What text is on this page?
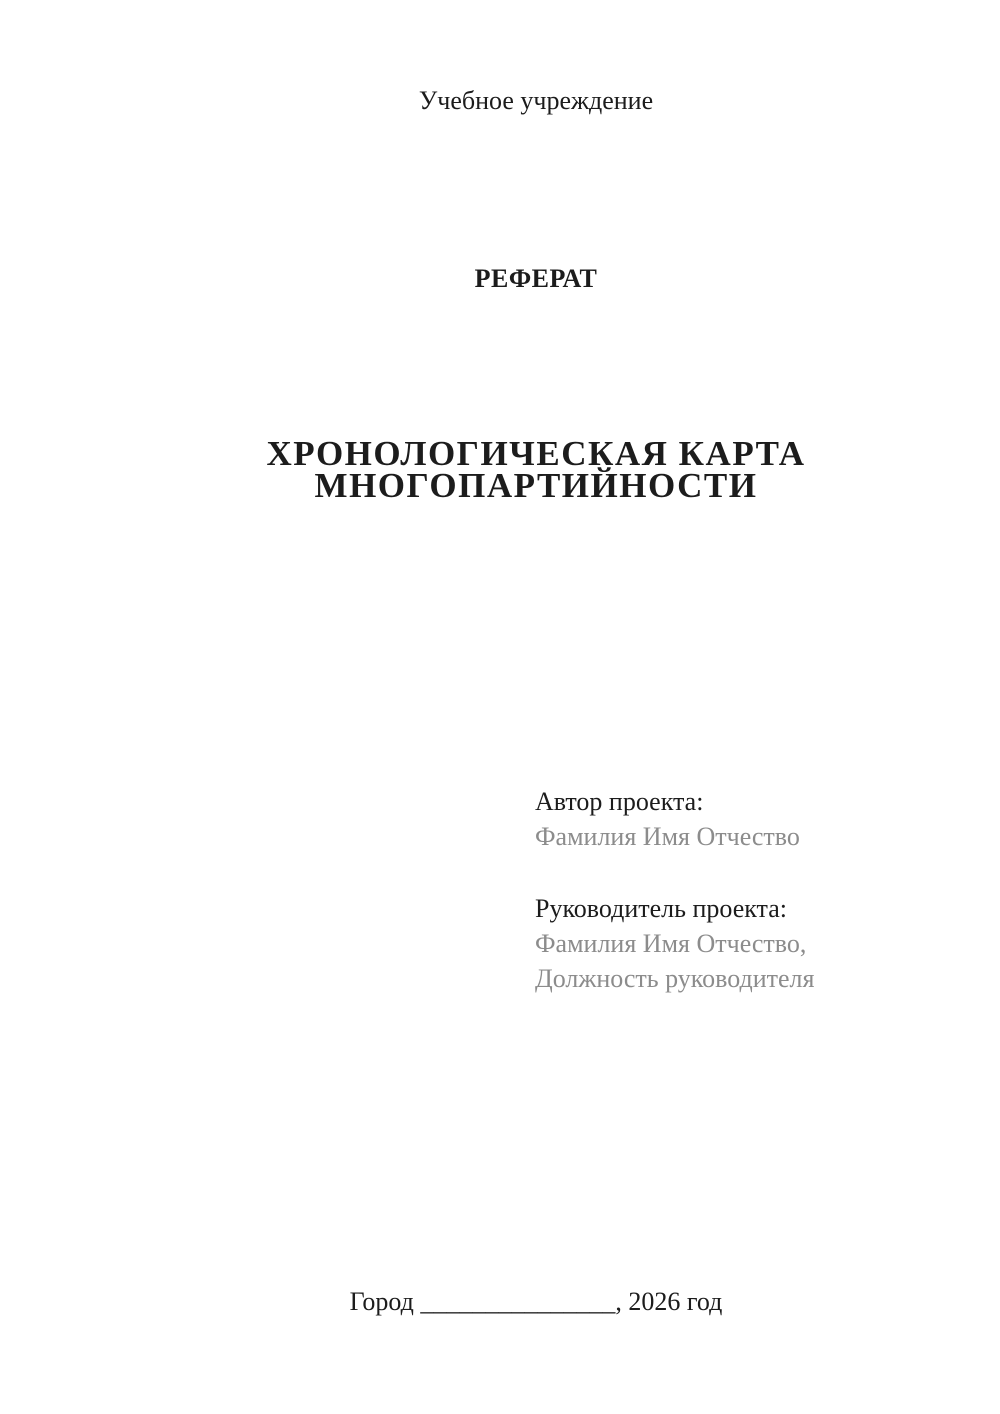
Учебное учреждение
РЕФЕРАТ
ХРОНОЛОГИЧЕСКАЯ КАРТА
МНОГОПАРТИЙНОСТИ
Автор проекта:
Фамилия Имя Отчество
Руководитель проекта:
Фамилия Имя Отчество,
Должность руководителя
Город _______________, 2026 год
